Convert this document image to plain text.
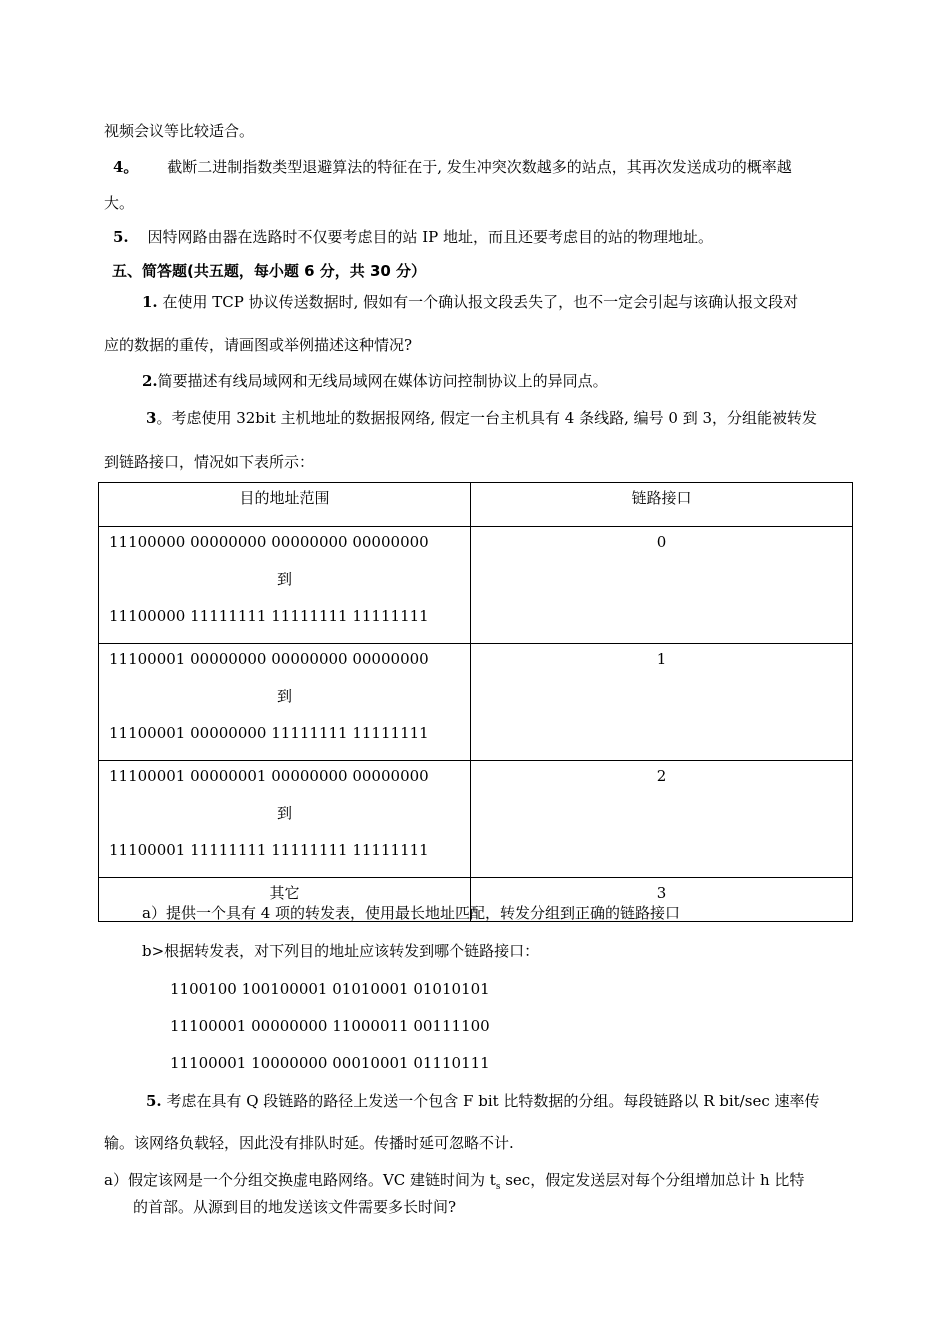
视频会议等比较适合。
4。 截断二进制指数类型退避算法的特征在于, 发生冲突次数越多的站点，其再次发送成功的概率越
大。
5. 因特网路由器在选路时不仅要考虑目的站 IP 地址，而且还要考虑目的站的物理地址。
五、简答题(共五题，每小题 6 分，共 30 分）
1. 在使用 TCP 协议传送数据时, 假如有一个确认报文段丢失了，也不一定会引起与该确认报文段对
应的数据的重传，请画图或举例描述这种情况?
2.简要描述有线局域网和无线局域网在媒体访问控制协议上的异同点。
3。考虑使用 32bit 主机地址的数据报网络, 假定一台主机具有 4 条线路, 编号 0 到 3，分组能被转发
到链路接口，情况如下表所示：
目的地址范围	链路接口

11100000 00000000 00000000 00000000
到
11100000 11111111 11111111 11111111	0

11100001 00000000 00000000 00000000
到
11100001 00000000 11111111 11111111	1

11100001 00000001 00000000 00000000
到
11100001 11111111 11111111 11111111	2
其它	3
a）提供一个具有 4 项的转发表，使用最长地址匹配，转发分组到正确的链路接口
b>根据转发表，对下列目的地址应该转发到哪个链路接口：
1100100 100100001 01010001 01010101
11100001 00000000 11000011 00111100
11100001 10000000 00010001 01110111
5. 考虑在具有 Q 段链路的路径上发送一个包含 F bit 比特数据的分组。每段链路以 R bit/sec 速率传
输。该网络负载轻，因此没有排队时延。传播时延可忽略不计.
a）假定该网是一个分组交换虚电路网络。VC 建链时间为 $t_s$ sec，假定发送层对每个分组增加总计 h 比特
的首部。从源到目的地发送该文件需要多长时间?
